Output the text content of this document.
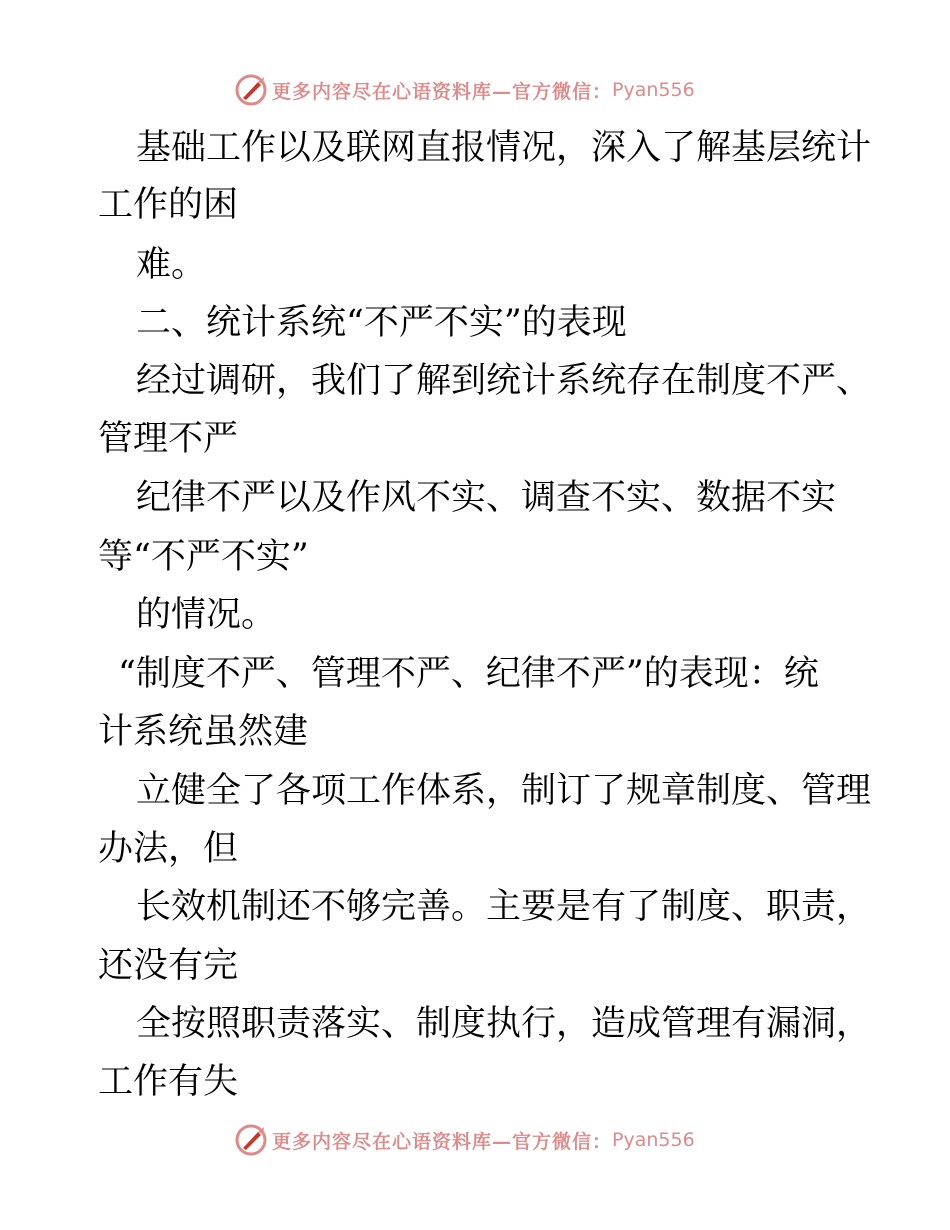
更多内容尽在心语资料库—官方微信： Pyan556

基础工作以及联网直报情况，深入了解基层统计

工作的困

难。

二、统计系统“不严不实”的表现

经过调研，我们了解到统计系统存在制度不严、

管理不严

纪律不严以及作风不实、调查不实、数据不实

等“不严不实”

的情况。

“制度不严、管理不严、纪律不严”的表现：统

计系统虽然建

立健全了各项工作体系，制订了规章制度、管理

办法，但

长效机制还不够完善。主要是有了制度、职责，

还没有完

全按照职责落实、制度执行，造成管理有漏洞，

工作有失

更多内容尽在心语资料库—官方微信： Pyan556
